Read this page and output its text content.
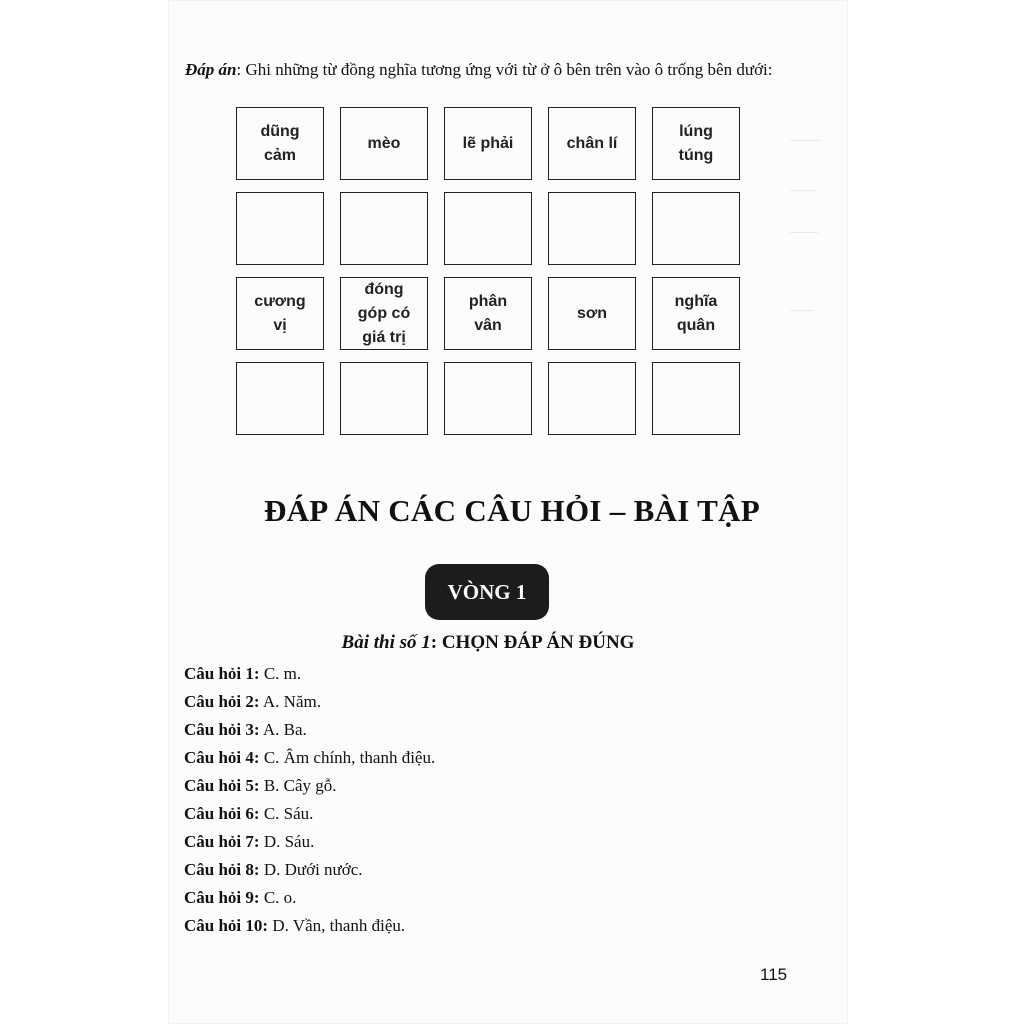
Đáp án: Ghi những từ đồng nghĩa tương ứng với từ ở ô bên trên vào ô trống bên dưới:

dũng
cảm
mèo	lẽ phải	chân lí
lúng
túng
cương
vị
đóng
góp có
giá trị
phân
vân
sơn
nghĩa
quân
ĐÁP ÁN CÁC CÂU HỎI – BÀI TẬP
VÒNG 1
Bài thi số 1: CHỌN ĐÁP ÁN ĐÚNG
Câu hỏi 1: C. m.
Câu hỏi 2: A. Năm.
Câu hỏi 3: A. Ba.
Câu hỏi 4: C. Âm chính, thanh điệu.
Câu hỏi 5: B. Cây gỗ.
Câu hỏi 6: C. Sáu.
Câu hỏi 7: D. Sáu.
Câu hỏi 8: D. Dưới nước.
Câu hỏi 9: C. o.
Câu hỏi 10: D. Vần, thanh điệu.
115
